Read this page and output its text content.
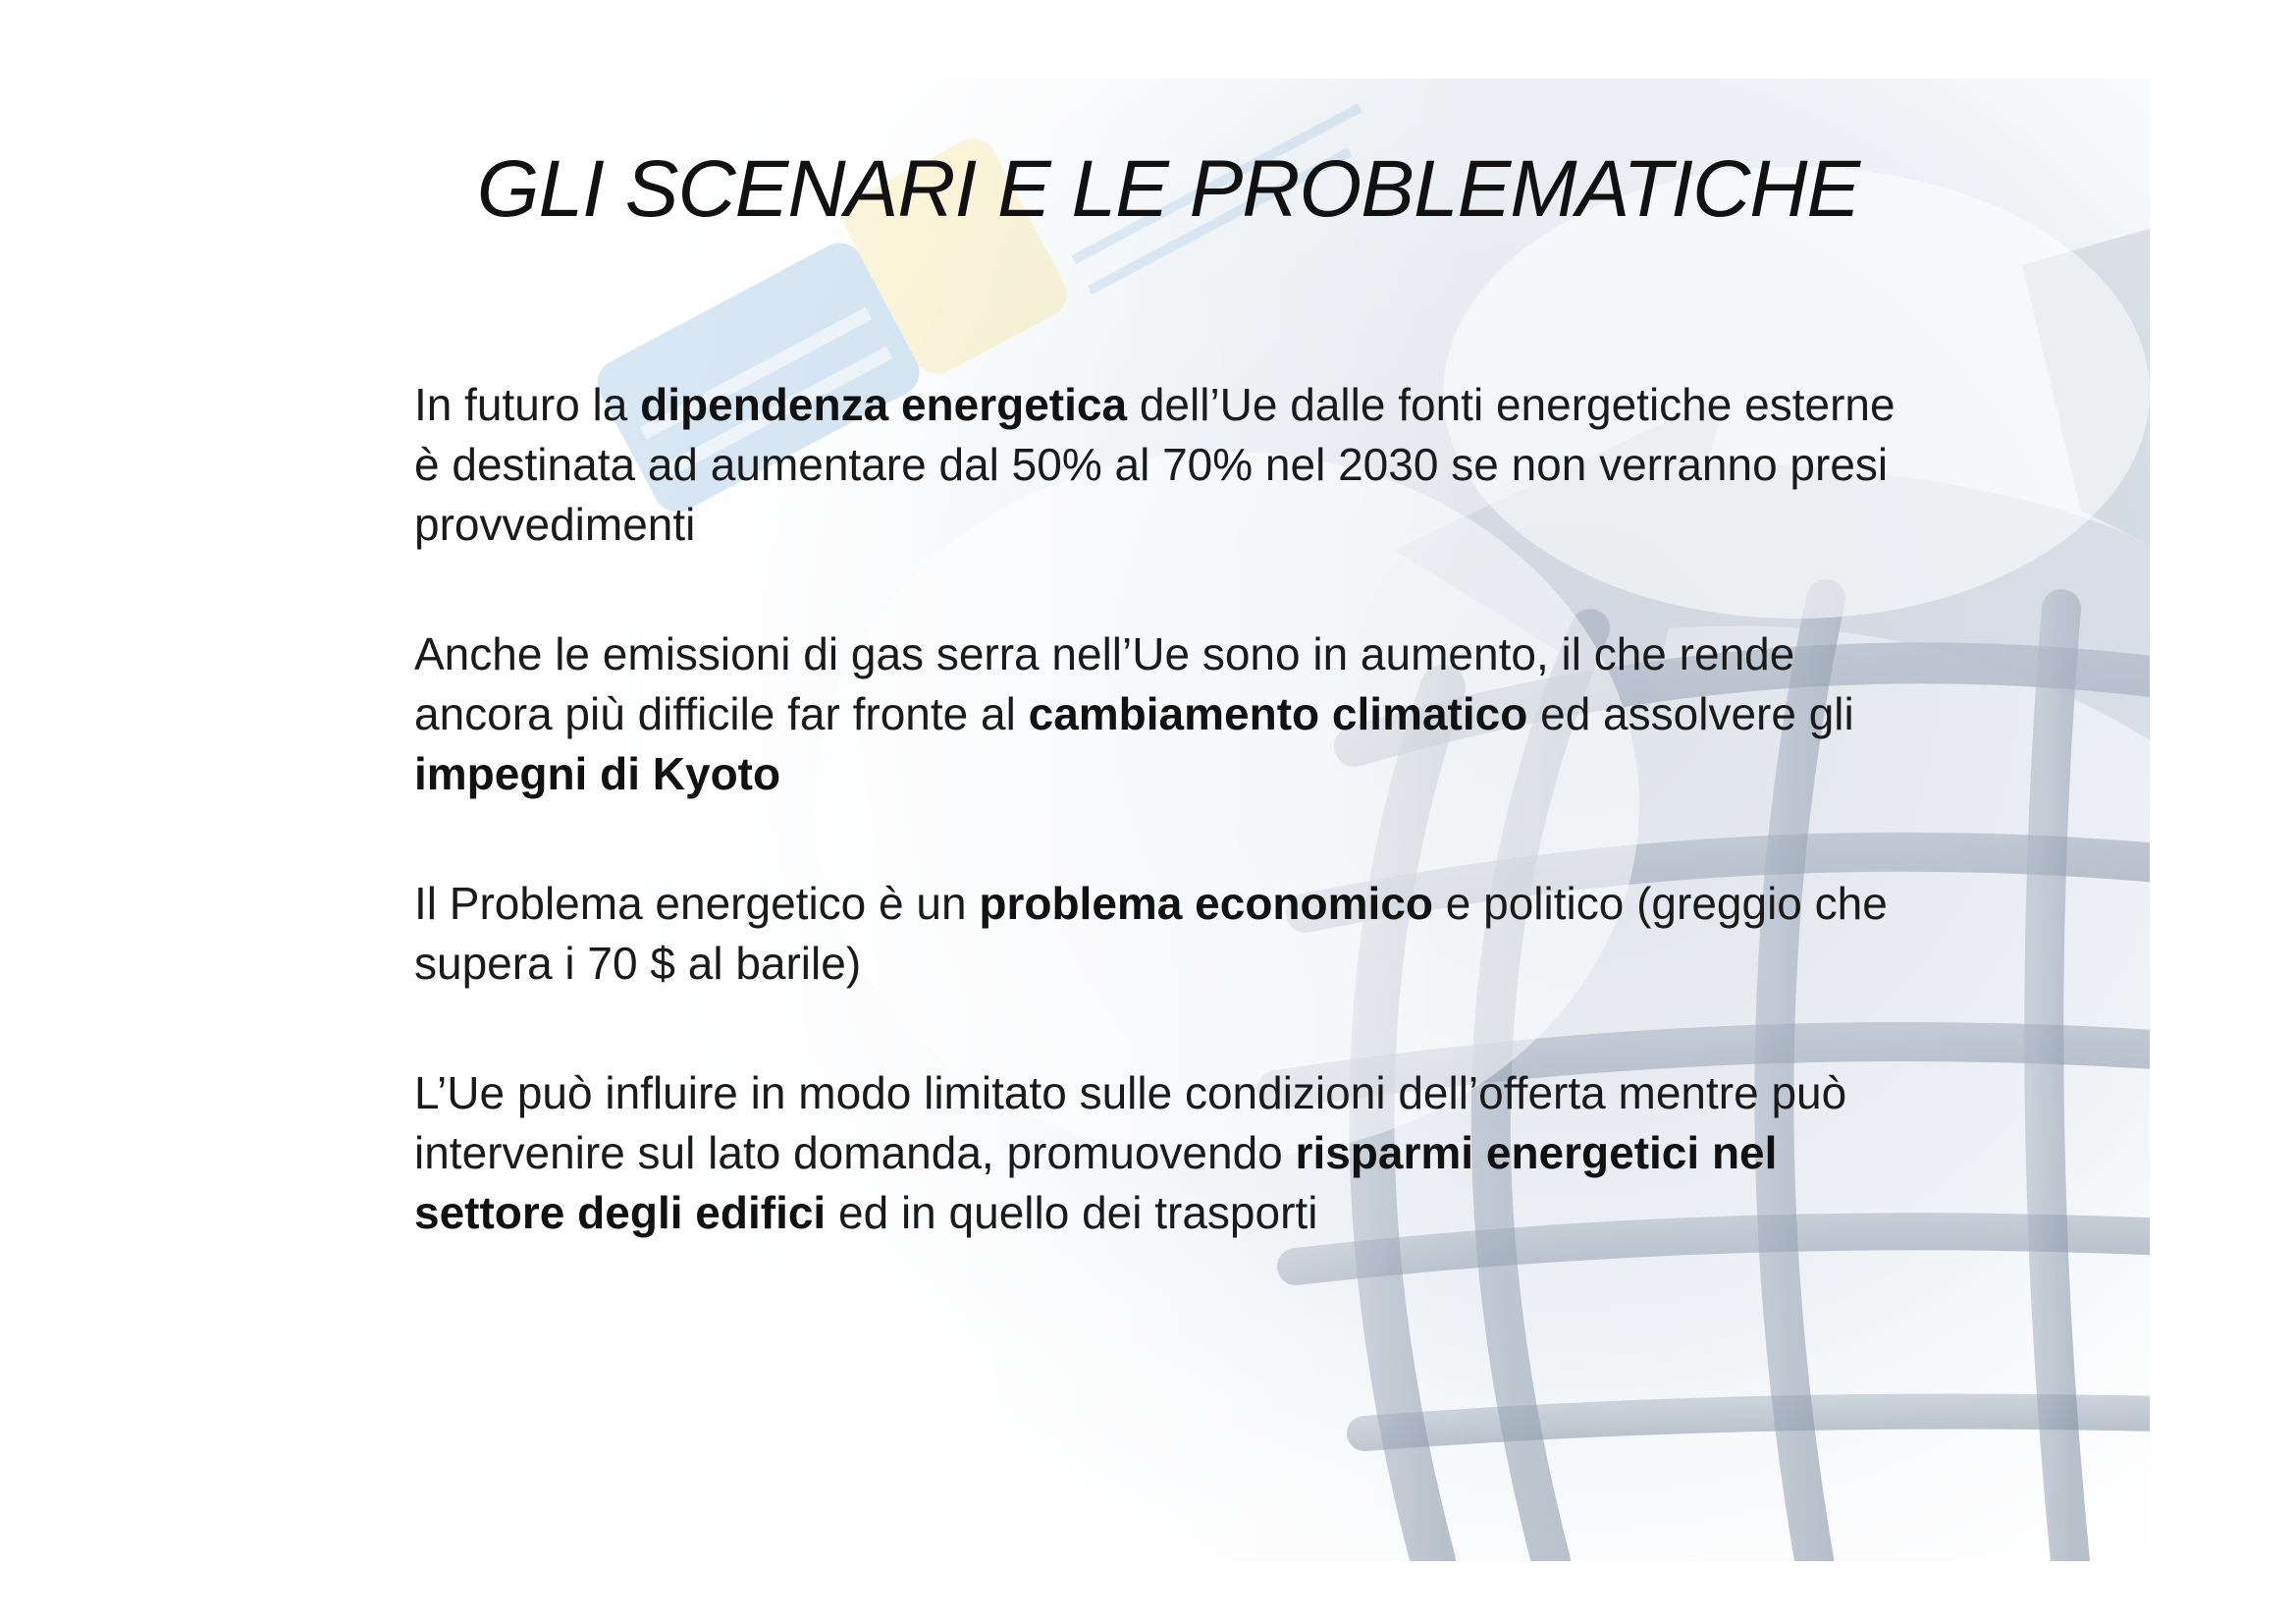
GLI SCENARI E LE PROBLEMATICHE

In futuro la dipendenza energetica dell’Ue dalle fonti energetiche esterne è destinata ad aumentare dal 50% al 70% nel 2030 se non verranno presi provvedimenti

Anche le emissioni di gas serra nell’Ue sono in aumento, il che rende ancora più difficile far fronte al cambiamento climatico ed assolvere gli impegni di Kyoto

Il Problema energetico è un problema economico e politico (greggio che supera i 70 $ al barile)

L’Ue può influire in modo limitato sulle condizioni dell’offerta mentre può intervenire sul lato domanda, promuovendo risparmi energetici nel settore degli edifici ed in quello dei trasporti
